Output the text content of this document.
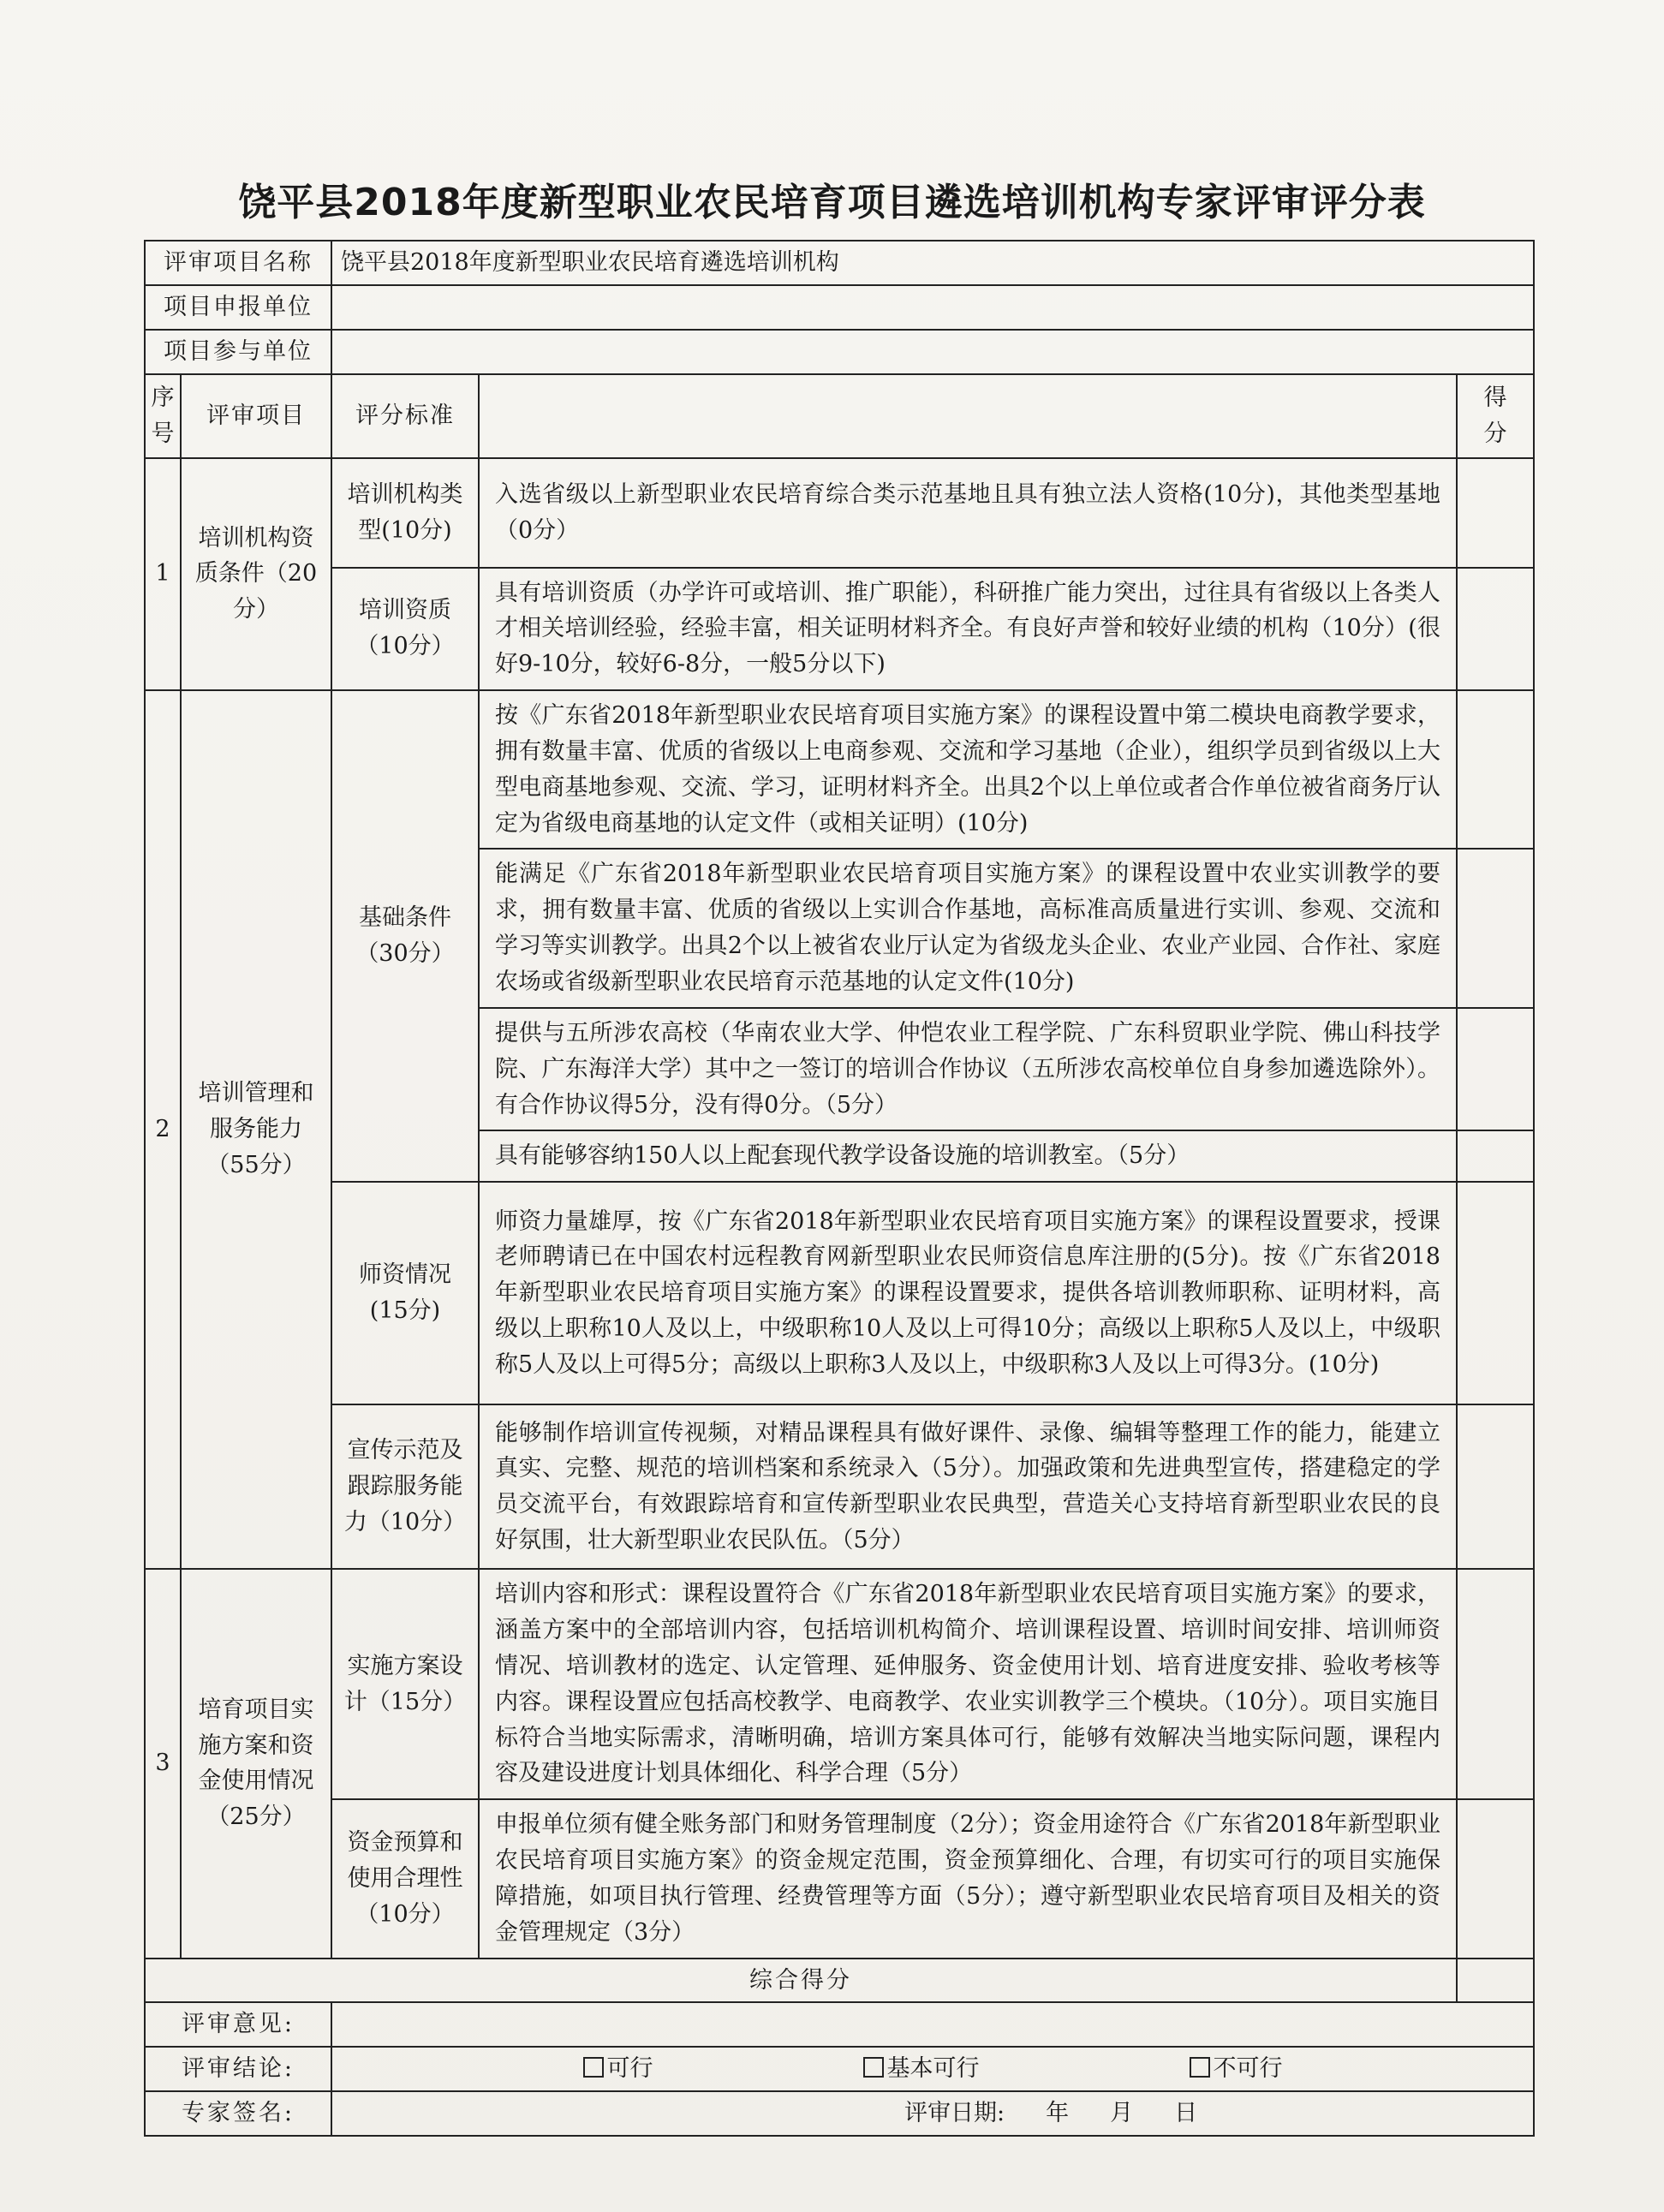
饶平县2018年度新型职业农民培育项目遴选培训机构专家评审评分表
评审项目名称		饶平县2018年度新型职业农民培育遴选培训机构		
项目申报单位				
项目参与单位				
序号	评审项目	评分标准		得分
1	培训机构资质条件（20分）	培训机构类型(10分)	入选省级以上新型职业农民培育综合类示范基地且具有独立法人资格(10分)，其他类型基地（0分）	
		培训资质（10分）	具有培训资质（办学许可或培训、推广职能），科研推广能力突出，过往具有省级以上各类人才相关培训经验，经验丰富，相关证明材料齐全。有良好声誉和较好业绩的机构（10分）(很好9-10分，较好6-8分，一般5分以下)	
2	培训管理和服务能力（55分）	基础条件（30分）	按《广东省2018年新型职业农民培育项目实施方案》的课程设置中第二模块电商教学要求，拥有数量丰富、优质的省级以上电商参观、交流和学习基地（企业），组织学员到省级以上大型电商基地参观、交流、学习，证明材料齐全。出具2个以上单位或者合作单位被省商务厅认定为省级电商基地的认定文件（或相关证明）(10分)	
			能满足《广东省2018年新型职业农民培育项目实施方案》的课程设置中农业实训教学的要求，拥有数量丰富、优质的省级以上实训合作基地，高标准高质量进行实训、参观、交流和学习等实训教学。出具2个以上被省农业厅认定为省级龙头企业、农业产业园、合作社、家庭农场或省级新型职业农民培育示范基地的认定文件(10分)	
			提供与五所涉农高校（华南农业大学、仲恺农业工程学院、广东科贸职业学院、佛山科技学院、广东海洋大学）其中之一签订的培训合作协议（五所涉农高校单位自身参加遴选除外）。有合作协议得5分，没有得0分。（5分）	
			具有能够容纳150人以上配套现代教学设备设施的培训教室。（5分）	
		师资情况(15分)	师资力量雄厚，按《广东省2018年新型职业农民培育项目实施方案》的课程设置要求，授课老师聘请已在中国农村远程教育网新型职业农民师资信息库注册的(5分)。按《广东省2018年新型职业农民培育项目实施方案》的课程设置要求，提供各培训教师职称、证明材料，高级以上职称10人及以上，中级职称10人及以上可得10分；高级以上职称5人及以上，中级职称5人及以上可得5分；高级以上职称3人及以上，中级职称3人及以上可得3分。(10分)	
		宣传示范及跟踪服务能力（10分）	能够制作培训宣传视频，对精品课程具有做好课件、录像、编辑等整理工作的能力，能建立真实、完整、规范的培训档案和系统录入（5分）。加强政策和先进典型宣传，搭建稳定的学员交流平台，有效跟踪培育和宣传新型职业农民典型，营造关心支持培育新型职业农民的良好氛围，壮大新型职业农民队伍。（5分）	
3	培育项目实施方案和资金使用情况（25分）	实施方案设计（15分）	培训内容和形式：课程设置符合《广东省2018年新型职业农民培育项目实施方案》的要求，涵盖方案中的全部培训内容，包括培训机构简介、培训课程设置、培训时间安排、培训师资情况、培训教材的选定、认定管理、延伸服务、资金使用计划、培育进度安排、验收考核等内容。课程设置应包括高校教学、电商教学、农业实训教学三个模块。（10分）。项目实施目标符合当地实际需求，清晰明确，培训方案具体可行，能够有效解决当地实际问题，课程内容及建设进度计划具体细化、科学合理（5分）	
		资金预算和使用合理性（10分）	申报单位须有健全账务部门和财务管理制度（2分）；资金用途符合《广东省2018年新型职业农民培育项目实施方案》的资金规定范围，资金预算细化、合理，有切实可行的项目实施保障措施，如项目执行管理、经费管理等方面（5分）；遵守新型职业农民培育项目及相关的资金管理规定（3分）	
综合得分				
评审意见:				
评审结论:		可行 基本可行 不可行		

专家签名:		评审日期: 年 月 日		
